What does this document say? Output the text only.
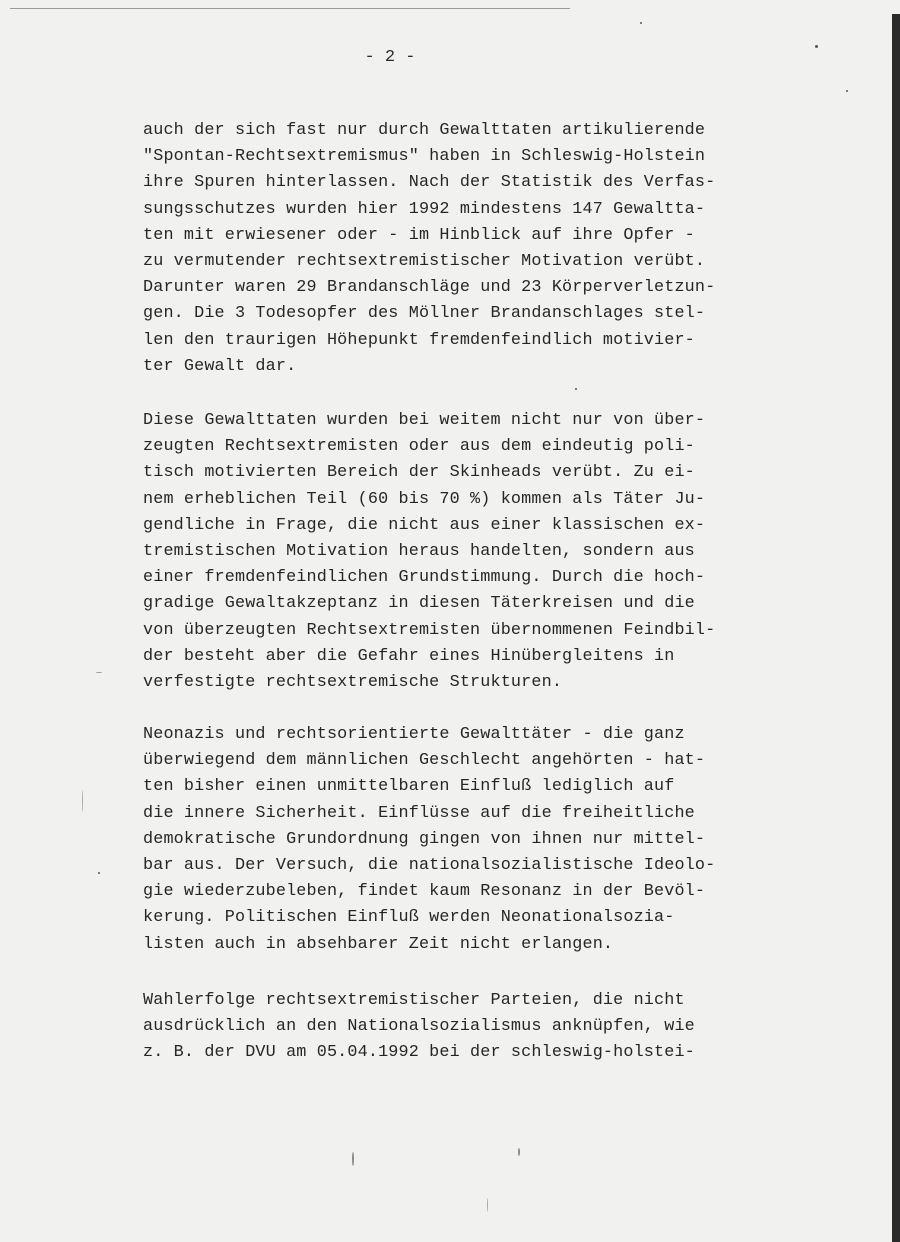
- 2 -
auch der sich fast nur durch Gewalttaten artikulierende
"Spontan-Rechtsextremismus" haben in Schleswig-Holstein
ihre Spuren hinterlassen. Nach der Statistik des Verfas-
sungsschutzes wurden hier 1992 mindestens 147 Gewaltta-
ten mit erwiesener oder - im Hinblick auf ihre Opfer -
zu vermutender rechtsextremistischer Motivation verübt.
Darunter waren 29 Brandanschläge und 23 Körperverletzun-
gen. Die 3 Todesopfer des Möllner Brandanschlages stel-
len den traurigen Höhepunkt fremdenfeindlich motivier-
ter Gewalt dar.
Diese Gewalttaten wurden bei weitem nicht nur von über-
zeugten Rechtsextremisten oder aus dem eindeutig poli-
tisch motivierten Bereich der Skinheads verübt. Zu ei-
nem erheblichen Teil (60 bis 70 %) kommen als Täter Ju-
gendliche in Frage, die nicht aus einer klassischen ex-
tremistischen Motivation heraus handelten, sondern aus
einer fremdenfeindlichen Grundstimmung. Durch die hoch-
gradige Gewaltakzeptanz in diesen Täterkreisen und die
von überzeugten Rechtsextremisten übernommenen Feindbil-
der besteht aber die Gefahr eines Hinübergleitens in
verfestigte rechtsextremische Strukturen.
Neonazis und rechtsorientierte Gewalttäter - die ganz
überwiegend dem männlichen Geschlecht angehörten - hat-
ten bisher einen unmittelbaren Einfluß lediglich auf
die innere Sicherheit. Einflüsse auf die freiheitliche
demokratische Grundordnung gingen von ihnen nur mittel-
bar aus. Der Versuch, die nationalsozialistische Ideolo-
gie wiederzubeleben, findet kaum Resonanz in der Bevöl-
kerung. Politischen Einfluß werden Neonationalsozia-
listen auch in absehbarer Zeit nicht erlangen.
Wahlerfolge rechtsextremistischer Parteien, die nicht
ausdrücklich an den Nationalsozialismus anknüpfen, wie
z. B. der DVU am 05.04.1992 bei der schleswig-holstei-
